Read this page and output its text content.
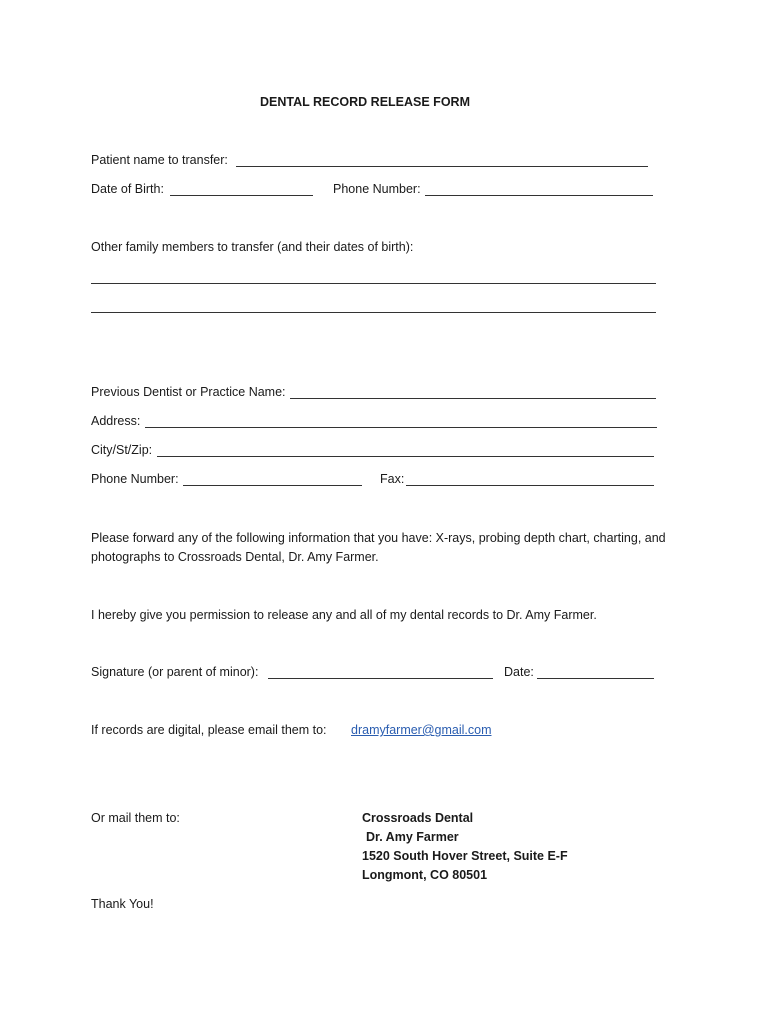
DENTAL RECORD RELEASE FORM
Patient name to transfer:
Date of Birth:	Phone Number:
Other family members to transfer (and their dates of birth):
Previous Dentist or Practice Name:
Address:
City/St/Zip:
Phone Number:	Fax:
Please forward any of the following information that you have: X-rays, probing depth chart, charting, and photographs to Crossroads Dental, Dr. Amy Farmer.
I hereby give you permission to release any and all of my dental records to Dr. Amy Farmer.
Signature (or parent of minor):	Date:
If records are digital, please email them to: dramyfarmer@gmail.com
Or mail them to:	Crossroads Dental
Dr. Amy Farmer
1520 South Hover Street, Suite E-F
Longmont, CO 80501
Thank You!
